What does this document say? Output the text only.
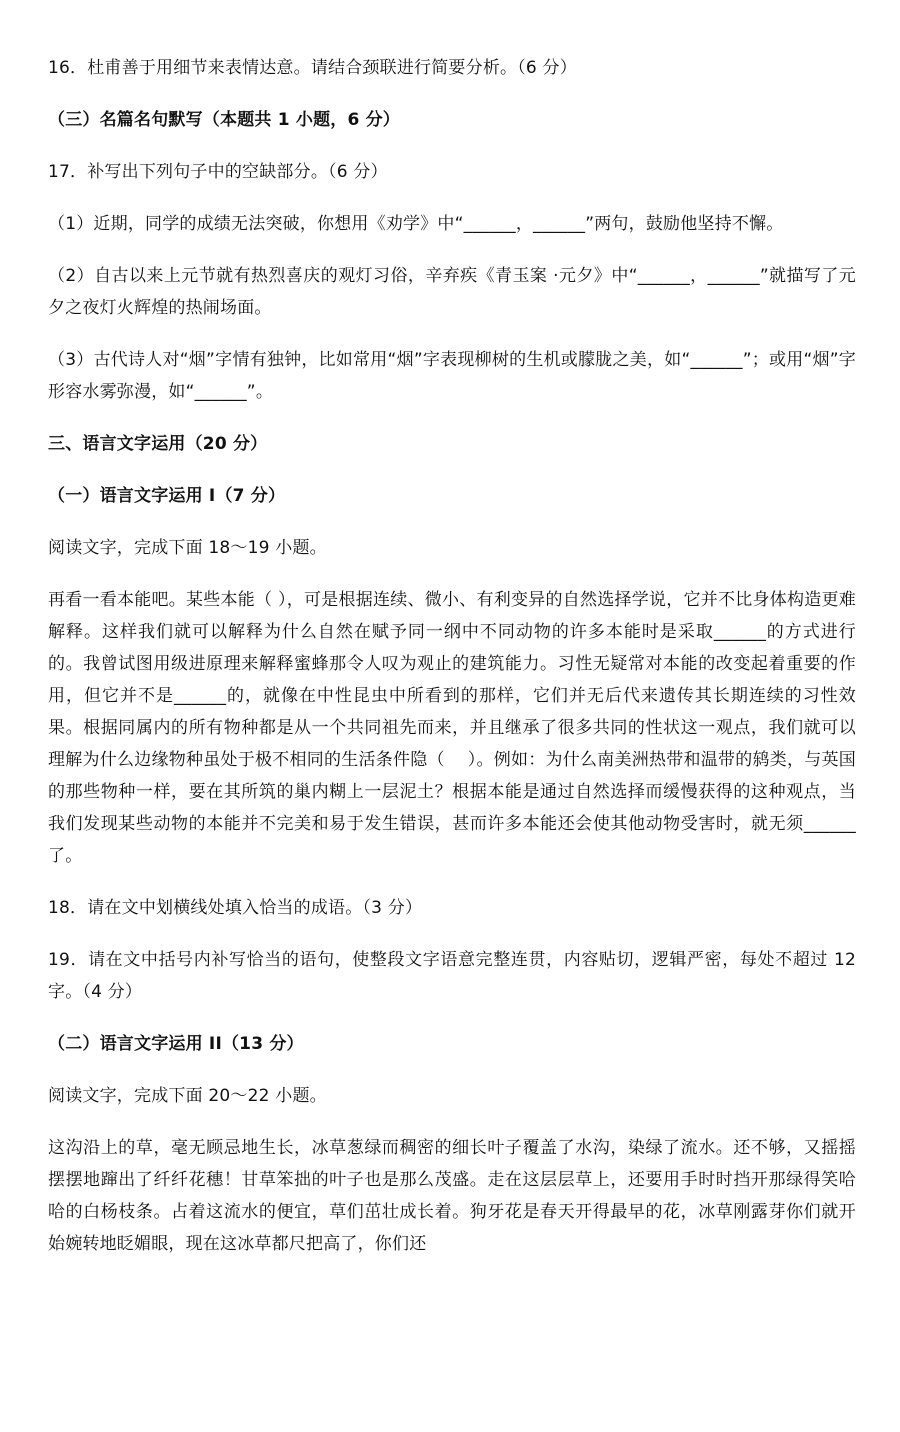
16．杜甫善于用细节来表情达意。请结合颈联进行简要分析。（6 分）

（三）名篇名句默写（本题共 1 小题，6 分）

17．补写出下列句子中的空缺部分。（6 分）

（1）近期，同学的成绩无法突破，你想用《劝学》中“______，______”两句，鼓励他坚持不懈。

（2）自古以来上元节就有热烈喜庆的观灯习俗，辛弃疾《青玉案 ·元夕》中“______，______”就描写了元夕之夜灯火辉煌的热闹场面。

（3）古代诗人对“烟”字情有独钟，比如常用“烟”字表现柳树的生机或朦胧之美，如“______”；或用“烟”字形容水雾弥漫，如“______”。

三、语言文字运用（20 分）

（一）语言文字运用 I（7 分）

阅读文字，完成下面 18～19 小题。

再看一看本能吧。某些本能（ ），可是根据连续、微小、有利变异的自然选择学说，它并不比身体构造更难解释。这样我们就可以解释为什么自然在赋予同一纲中不同动物的许多本能时是采取______的方式进行的。我曾试图用级进原理来解释蜜蜂那令人叹为观止的建筑能力。习性无疑常对本能的改变起着重要的作用，但它并不是______的，就像在中性昆虫中所看到的那样，它们并无后代来遗传其长期连续的习性效果。根据同属内的所有物种都是从一个共同祖先而来，并且继承了很多共同的性状这一观点，我们就可以理解为什么边缘物种虽处于极不相同的生活条件隐（　 ）。例如：为什么南美洲热带和温带的鸫类，与英国的那些物种一样，要在其所筑的巢内糊上一层泥土？根据本能是通过自然选择而缓慢获得的这种观点，当我们发现某些动物的本能并不完美和易于发生错误，甚而许多本能还会使其他动物受害时，就无须______了。

18．请在文中划横线处填入恰当的成语。（3 分）

19．请在文中括号内补写恰当的语句，使整段文字语意完整连贯，内容贴切，逻辑严密，每处不超过 12 字。（4 分）

（二）语言文字运用 II（13 分）

阅读文字，完成下面 20～22 小题。

这沟沿上的草，毫无顾忌地生长，冰草葱绿而稠密的细长叶子覆盖了水沟，染绿了流水。还不够，又摇摇摆摆地蹿出了纤纤花穗！甘草笨拙的叶子也是那么茂盛。走在这层层草上，还要用手时时挡开那绿得笑哈哈的白杨枝条。占着这流水的便宜，草们茁壮成长着。狗牙花是春天开得最早的花，冰草刚露芽你们就开始婉转地眨媚眼，现在这冰草都尺把高了，你们还
